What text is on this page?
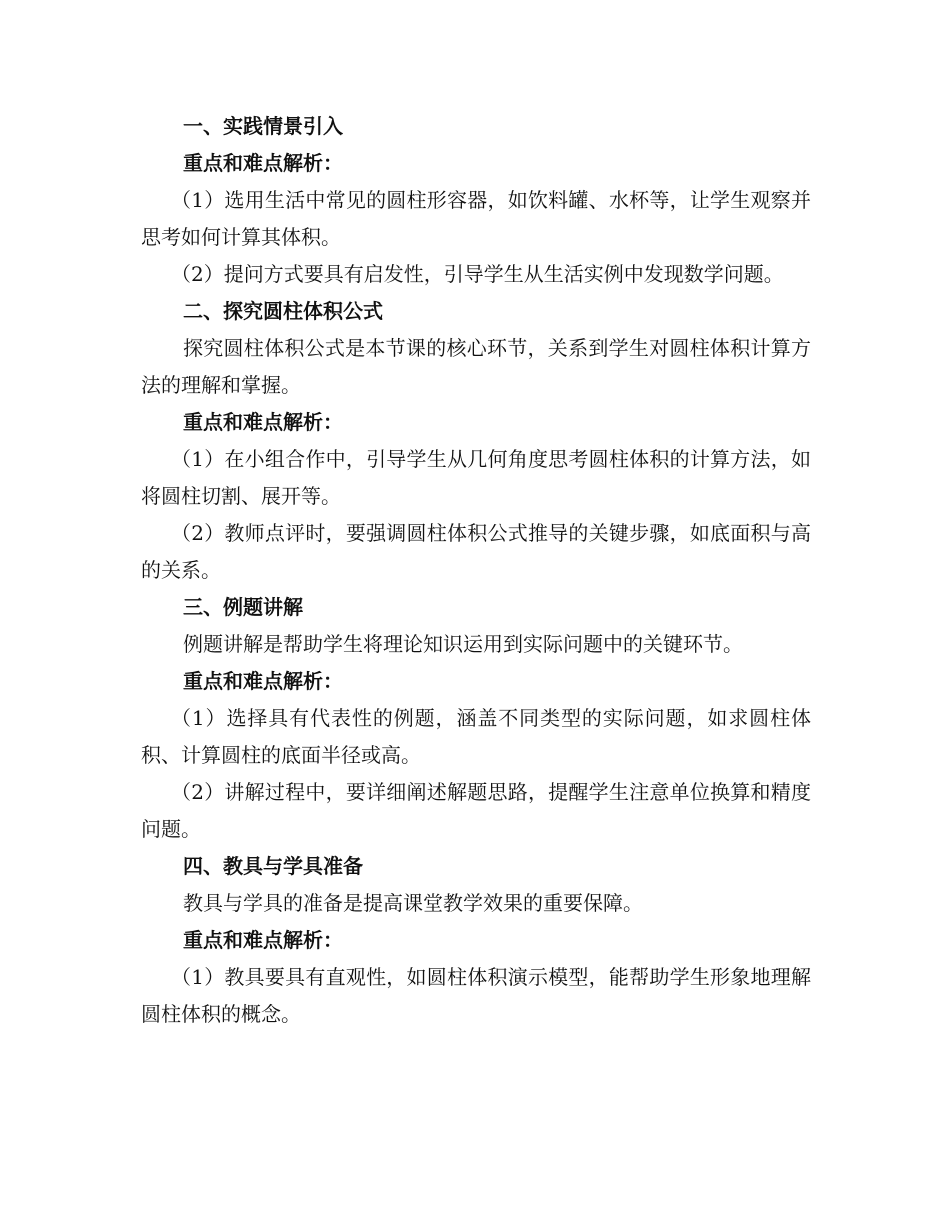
一、实践情景引入

重点和难点解析：

（1）选用生活中常见的圆柱形容器，如饮料罐、水杯等，让学生观察并思考如何计算其体积。

（2）提问方式要具有启发性，引导学生从生活实例中发现数学问题。

二、探究圆柱体积公式

探究圆柱体积公式是本节课的核心环节，关系到学生对圆柱体积计算方法的理解和掌握。

重点和难点解析：

（1）在小组合作中，引导学生从几何角度思考圆柱体积的计算方法，如将圆柱切割、展开等。

（2）教师点评时，要强调圆柱体积公式推导的关键步骤，如底面积与高的关系。

三、例题讲解

例题讲解是帮助学生将理论知识运用到实际问题中的关键环节。

重点和难点解析：

（1）选择具有代表性的例题，涵盖不同类型的实际问题，如求圆柱体积、计算圆柱的底面半径或高。

（2）讲解过程中，要详细阐述解题思路，提醒学生注意单位换算和精度问题。

四、教具与学具准备

教具与学具的准备是提高课堂教学效果的重要保障。

重点和难点解析：

（1）教具要具有直观性，如圆柱体积演示模型，能帮助学生形象地理解圆柱体积的概念。
